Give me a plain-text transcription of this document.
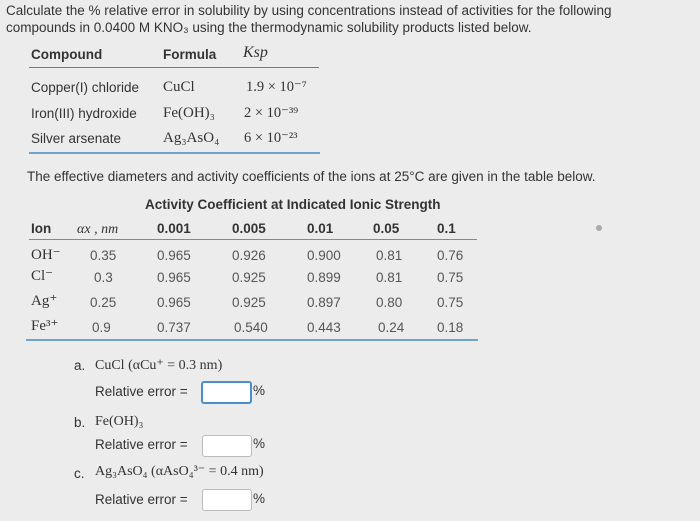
Calculate the % relative error in solubility by using concentrations instead of activities for the following
compounds in 0.0400 M KNO₃ using the thermodynamic solubility products listed below.
Compound	Formula Ksp
Copper(I) chloride CuCl	1.9 × 10⁻⁷
Iron(III) hydroxide Fe(OH)₃ 2 × 10⁻³⁹
Silver arsenate	Ag₃AsO₄ 6 × 10⁻²³
The effective diameters and activity coefficients of the ions at 25°C are given in the table below.
Activity Coefficient at Indicated Ionic Strength
Ion αx , nm	0.001	0.005	0.01	0.05	0.1
OH⁻ 0.35	0.965	0.926	0.900	0.81	0.76
Cl⁻	0.3	0.965	0.925	0.899	0.81	0.75
Ag⁺ 0.25	0.965	0.925	0.897	0.80	0.75
Fe³⁺ 0.9	0.737	0.540	0.443	0.24 0.18
a. CuCl (αCu⁺ = 0.3 nm)
Relative error =	%
b. Fe(OH)₃
Relative error =	%
c. Ag₃AsO₄ (αAsO₄³⁻ = 0.4 nm)
Relative error =	%
